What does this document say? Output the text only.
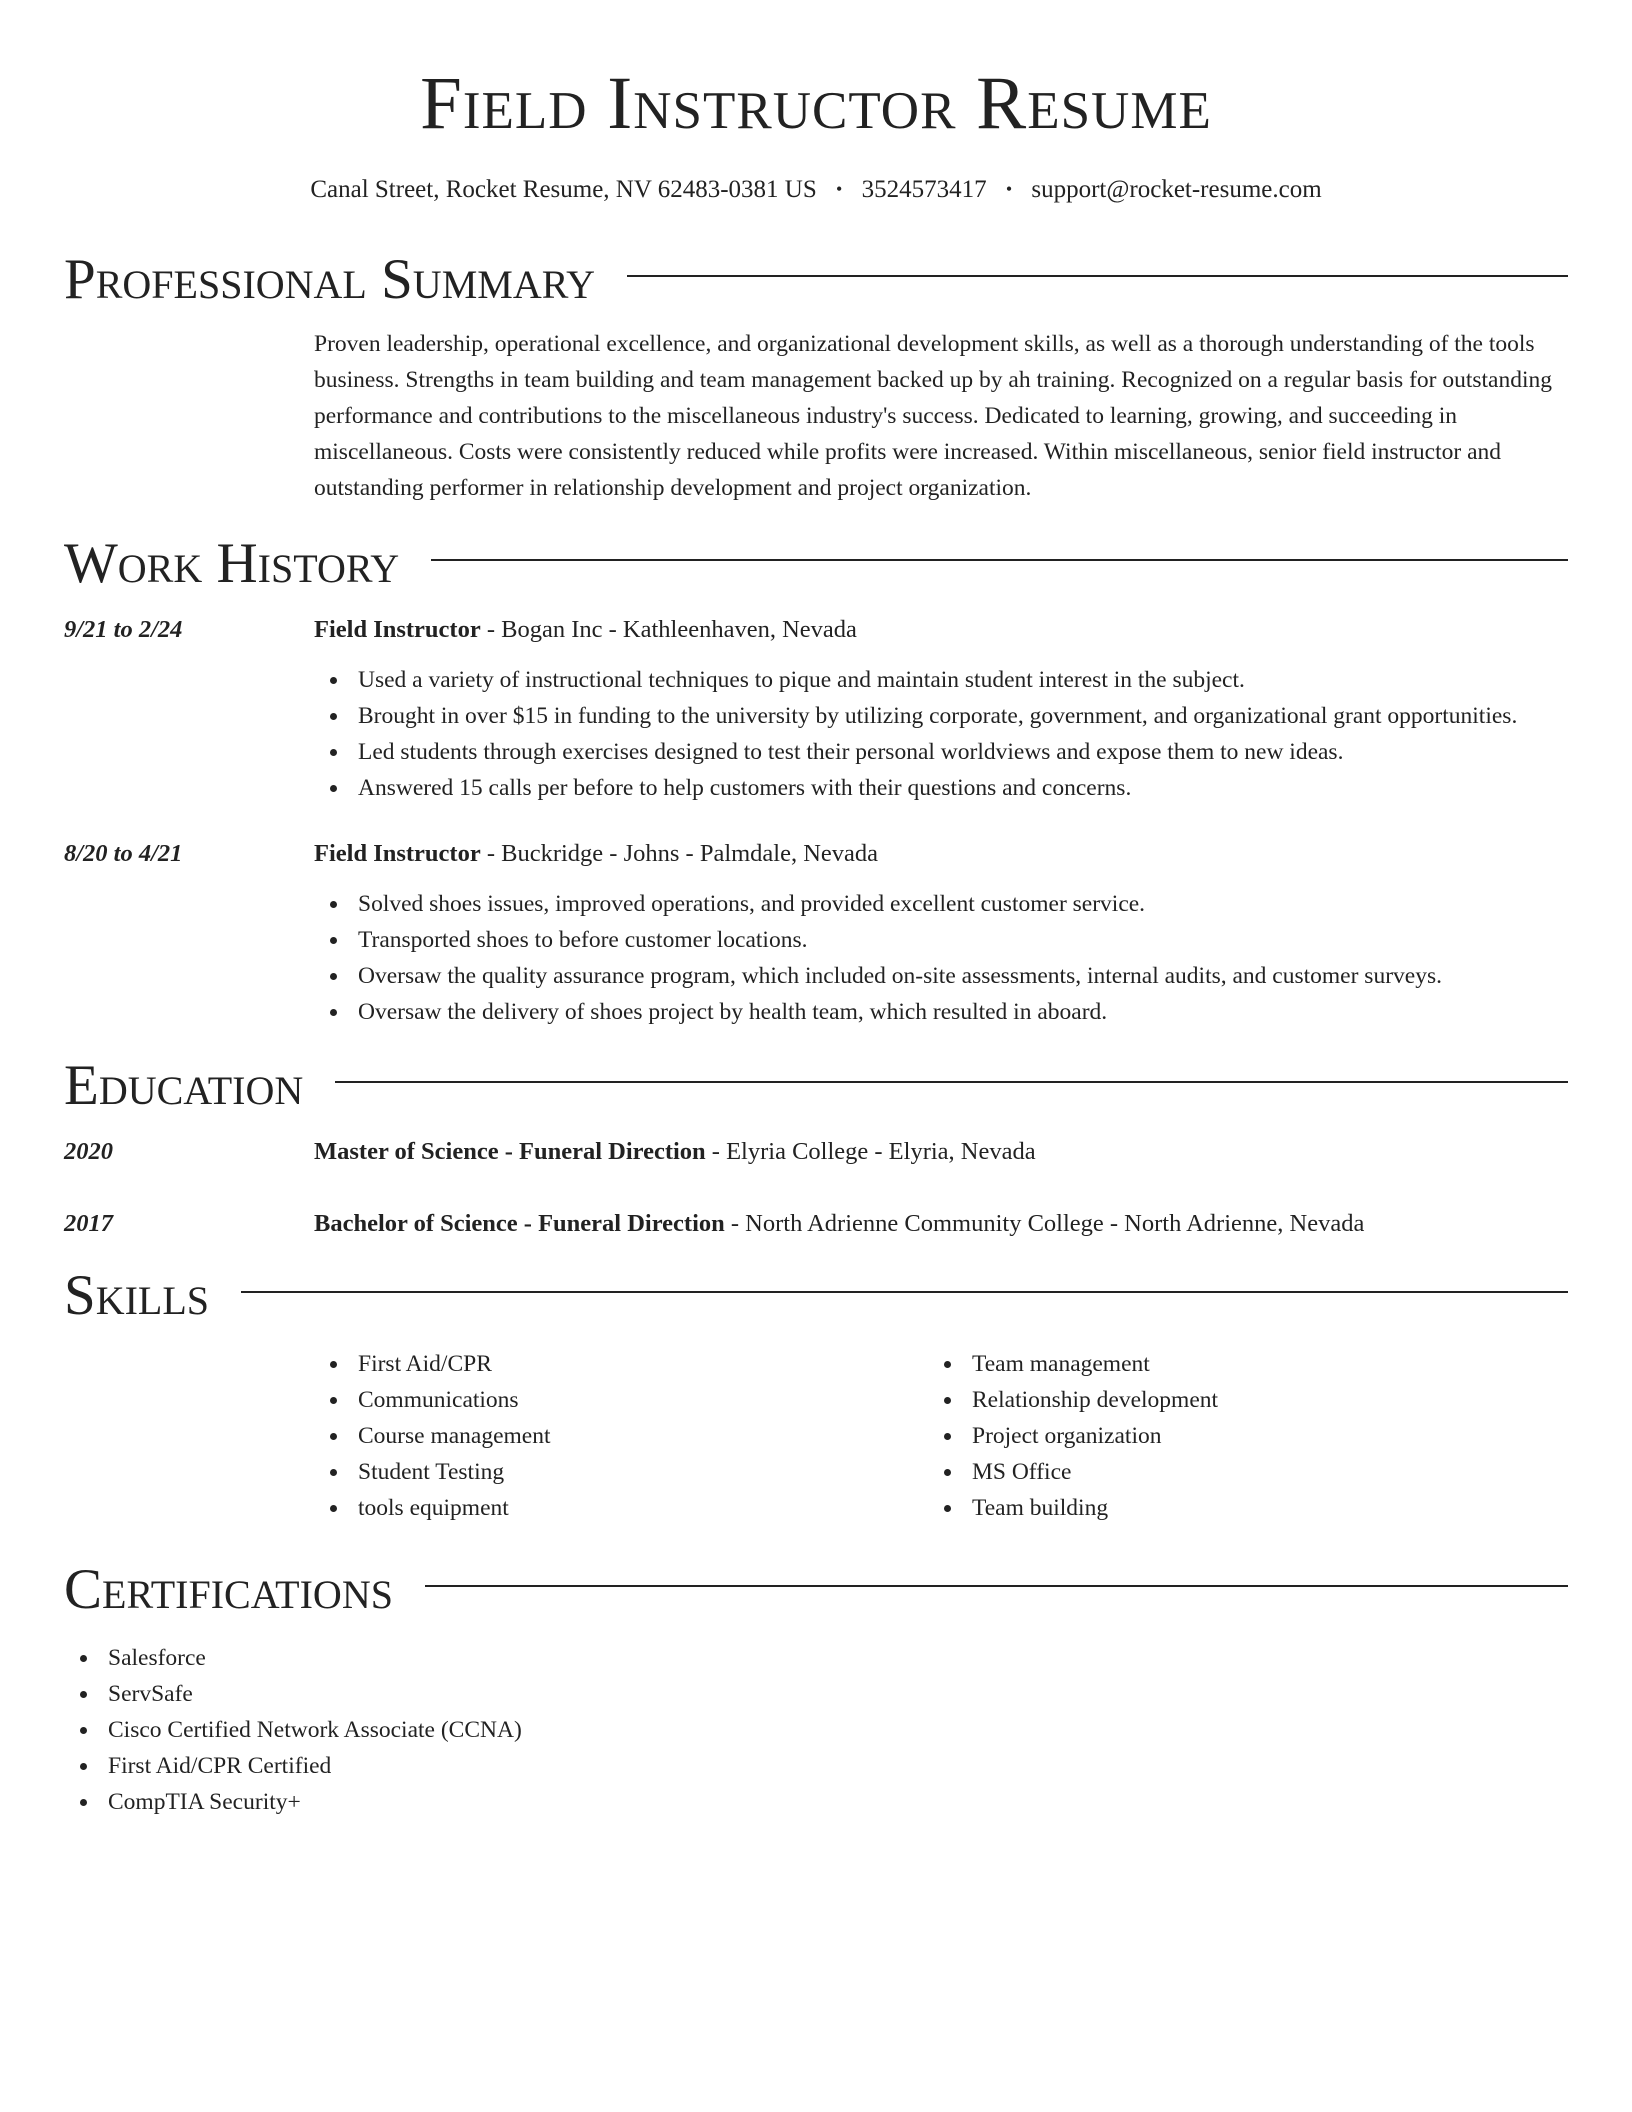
Field Instructor Resume
Canal Street, Rocket Resume, NV 62483-0381 US • 3524573417 • support@rocket-resume.com
Professional Summary

Proven leadership, operational excellence, and organizational development skills, as well as a thorough understanding of the tools business. Strengths in team building and team management backed up by ah training. Recognized on a regular basis for outstanding performance and contributions to the miscellaneous industry's success. Dedicated to learning, growing, and succeeding in miscellaneous. Costs were consistently reduced while profits were increased. Within miscellaneous, senior field instructor and outstanding performer in relationship development and project organization.

Work History
9/21 to 2/24	Field Instructor - Bogan Inc - Kathleenhaven, Nevada
Used a variety of instructional techniques to pique and maintain student interest in the subject.
Brought in over $15 in funding to the university by utilizing corporate, government, and organizational grant opportunities.
Led students through exercises designed to test their personal worldviews and expose them to new ideas.
Answered 15 calls per before to help customers with their questions and concerns.
8/20 to 4/21	Field Instructor - Buckridge - Johns - Palmdale, Nevada
Solved shoes issues, improved operations, and provided excellent customer service.
Transported shoes to before customer locations.
Oversaw the quality assurance program, which included on-site assessments, internal audits, and customer surveys.
Oversaw the delivery of shoes project by health team, which resulted in aboard.
Education
2020	Master of Science - Funeral Direction - Elyria College - Elyria, Nevada
2017	Bachelor of Science - Funeral Direction - North Adrienne Community College - North Adrienne, Nevada
Skills
First Aid/CPR
Communications
Course management
Student Testing
tools equipment
Team management
Relationship development
Project organization
MS Office
Team building
Certifications
Salesforce
ServSafe
Cisco Certified Network Associate (CCNA)
First Aid/CPR Certified
CompTIA Security+
